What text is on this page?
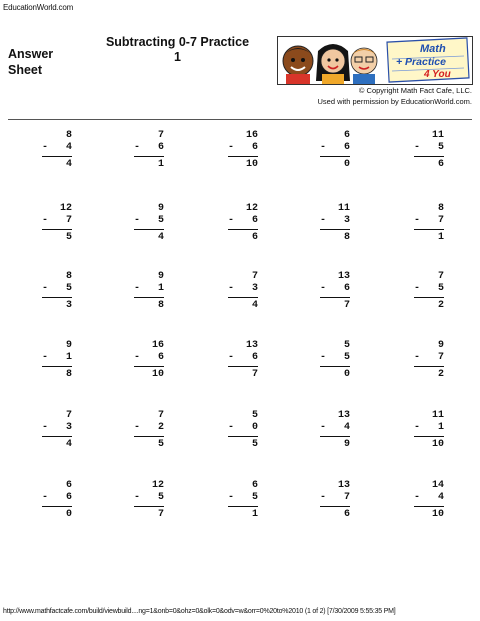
EducationWorld.com
Answer
Sheet
Subtracting 0-7 Practice
1
Math
+ Practice
4 You
© Copyright Math Fact Cafe, LLC.
Used with permission by EducationWorld.com.
8
- 4
4
7
- 6
1
16
- 6
10
6
- 6
0
11
- 5
6
12
- 7
5
9
- 5
4
12
- 6
6
11
- 3
8
8
- 7
1
8
- 5
3
9
- 1
8
7
- 3
4
13
- 6
7
7
- 5
2
9
- 1
8
16
- 6
10
13
- 6
7
5
- 5
0
9
- 7
2
7
- 3
4
7
- 2
5
5
- 0
5
13
- 4
9
11
- 1
10
6
- 6
0
12
- 5
7
6
- 5
1
13
- 7
6
14
- 4
10
http://www.mathfactcafe.com/build/viewbuild....ng=1&onb=0&ohz=0&olk=0&odv=w&orr=0%20to%2010 (1 of 2) [7/30/2009 5:55:35 PM]
